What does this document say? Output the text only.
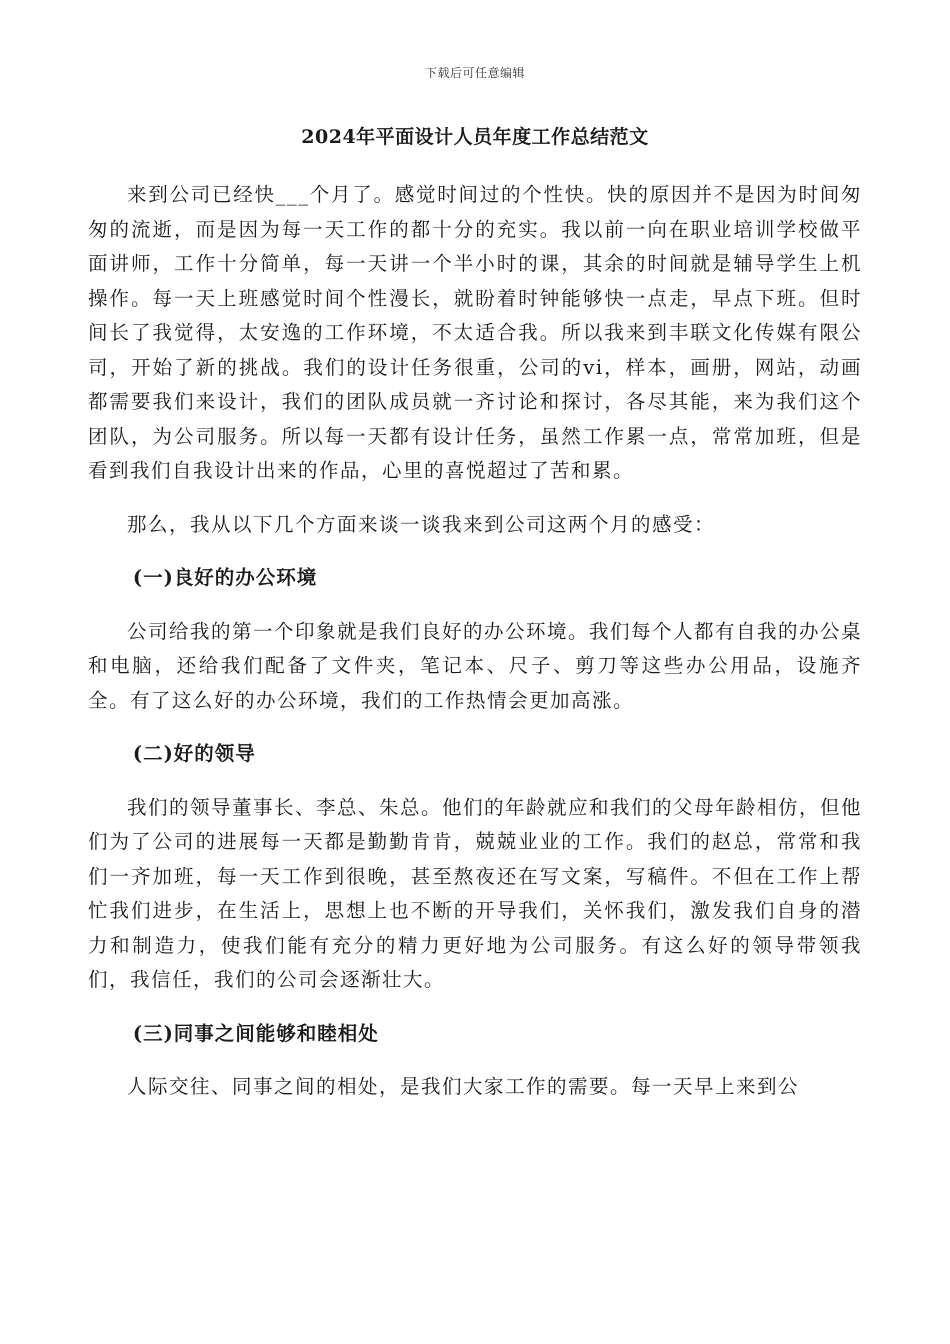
下载后可任意编辑
2024年平面设计人员年度工作总结范文

来到公司已经快___个月了。感觉时间过的个性快。快的原因并不是因为时间匆匆的流逝，而是因为每一天工作的都十分的充实。我以前一向在职业培训学校做平面讲师，工作十分简单，每一天讲一个半小时的课，其余的时间就是辅导学生上机操作。每一天上班感觉时间个性漫长，就盼着时钟能够快一点走，早点下班。但时间长了我觉得，太安逸的工作环境，不太适合我。所以我来到丰联文化传媒有限公司，开始了新的挑战。我们的设计任务很重，公司的vi，样本，画册，网站，动画都需要我们来设计，我们的团队成员就一齐讨论和探讨，各尽其能，来为我们这个团队，为公司服务。所以每一天都有设计任务，虽然工作累一点，常常加班，但是看到我们自我设计出来的作品，心里的喜悦超过了苦和累。

那么，我从以下几个方面来谈一谈我来到公司这两个月的感受：

(一)良好的办公环境

公司给我的第一个印象就是我们良好的办公环境。我们每个人都有自我的办公桌和电脑，还给我们配备了文件夹，笔记本、尺子、剪刀等这些办公用品，设施齐全。有了这么好的办公环境，我们的工作热情会更加高涨。

(二)好的领导

我们的领导董事长、李总、朱总。他们的年龄就应和我们的父母年龄相仿，但他们为了公司的进展每一天都是勤勤肯肯，兢兢业业的工作。我们的赵总，常常和我们一齐加班，每一天工作到很晚，甚至熬夜还在写文案，写稿件。不但在工作上帮忙我们进步，在生活上，思想上也不断的开导我们，关怀我们，激发我们自身的潜力和制造力，使我们能有充分的精力更好地为公司服务。有这么好的领导带领我们，我信任，我们的公司会逐渐壮大。

(三)同事之间能够和睦相处

人际交往、同事之间的相处，是我们大家工作的需要。每一天早上来到公
